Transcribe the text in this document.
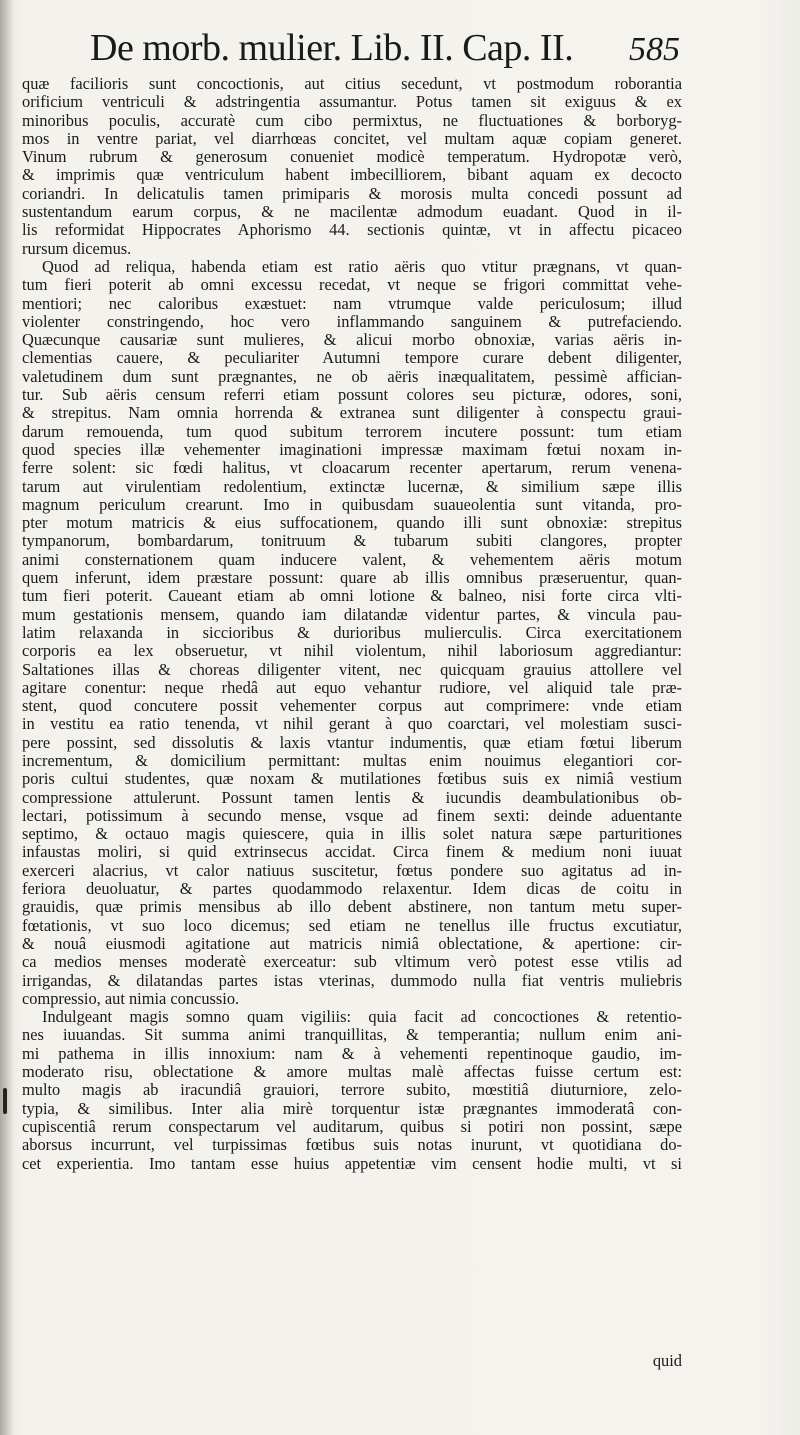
De morb. mulier. Lib. II. Cap. II. 585
quæ facilioris sunt concoctionis, aut citius secedunt, vt postmodum roborantia
orificium ventriculi & adstringentia assumantur. Potus tamen sit exiguus & ex
minoribus poculis, accuratè cum cibo permixtus, ne fluctuationes & borboryg-
mos in ventre pariat, vel diarrhœas concitet, vel multam aquæ copiam generet.
Vinum rubrum & generosum conueniet modicè temperatum. Hydropotæ verò,
& imprimis quæ ventriculum habent imbecilliorem, bibant aquam ex decocto
coriandri. In delicatulis tamen primiparis & morosis multa concedi possunt ad
sustentandum earum corpus, & ne macilentæ admodum euadant. Quod in il-
lis reformidat Hippocrates Aphorismo 44. sectionis quintæ, vt in affectu picaceo
rursum dicemus.
Quod ad reliqua, habenda etiam est ratio aëris quo vtitur prægnans, vt quan-
tum fieri poterit ab omni excessu recedat, vt neque se frigori committat vehe-
mentiori; nec caloribus exæstuet: nam vtrumque valde periculosum; illud
violenter constringendo, hoc vero inflammando sanguinem & putrefaciendo.
Quæcunque causariæ sunt mulieres, & alicui morbo obnoxiæ, varias aëris in-
clementias cauere, & peculiariter Autumni tempore curare debent diligenter,
valetudinem dum sunt prægnantes, ne ob aëris inæqualitatem, pessimè affician-
tur. Sub aëris censum referri etiam possunt colores seu picturæ, odores, soni,
& strepitus. Nam omnia horrenda & extranea sunt diligenter à conspectu graui-
darum remouenda, tum quod subitum terrorem incutere possunt: tum etiam
quod species illæ vehementer imaginationi impressæ maximam fœtui noxam in-
ferre solent: sic fœdi halitus, vt cloacarum recenter apertarum, rerum venena-
tarum aut virulentiam redolentium, extinctæ lucernæ, & similium sæpe illis
magnum periculum crearunt. Imo in quibusdam suaueolentia sunt vitanda, pro-
pter motum matricis & eius suffocationem, quando illi sunt obnoxiæ: strepitus
tympanorum, bombardarum, tonitruum & tubarum subiti clangores, propter
animi consternationem quam inducere valent, & vehementem aëris motum
quem inferunt, idem præstare possunt: quare ab illis omnibus præseruentur, quan-
tum fieri poterit. Caueant etiam ab omni lotione & balneo, nisi forte circa vlti-
mum gestationis mensem, quando iam dilatandæ videntur partes, & vincula pau-
latim relaxanda in siccioribus & durioribus mulierculis. Circa exercitationem
corporis ea lex obseruetur, vt nihil violentum, nihil laboriosum aggrediantur:
Saltationes illas & choreas diligenter vitent, nec quicquam grauius attollere vel
agitare conentur: neque rhedâ aut equo vehantur rudiore, vel aliquid tale præ-
stent, quod concutere possit vehementer corpus aut comprimere: vnde etiam
in vestitu ea ratio tenenda, vt nihil gerant à quo coarctari, vel molestiam susci-
pere possint, sed dissolutis & laxis vtantur indumentis, quæ etiam fœtui liberum
incrementum, & domicilium permittant: multas enim nouimus elegantiori cor-
poris cultui studentes, quæ noxam & mutilationes fœtibus suis ex nimiâ vestium
compressione attulerunt. Possunt tamen lentis & iucundis deambulationibus ob-
lectari, potissimum à secundo mense, vsque ad finem sexti: deinde aduentante
septimo, & octauo magis quiescere, quia in illis solet natura sæpe parturitiones
infaustas moliri, si quid extrinsecus accidat. Circa finem & medium noni iuuat
exerceri alacrius, vt calor natiuus suscitetur, fœtus pondere suo agitatus ad in-
feriora deuoluatur, & partes quodammodo relaxentur. Idem dicas de coitu in
grauidis, quæ primis mensibus ab illo debent abstinere, non tantum metu super-
fœtationis, vt suo loco dicemus; sed etiam ne tenellus ille fructus excutiatur,
& nouâ eiusmodi agitatione aut matricis nimiâ oblectatione, & apertione: cir-
ca medios menses moderatè exerceatur: sub vltimum verò potest esse vtilis ad
irrigandas, & dilatandas partes istas vterinas, dummodo nulla fiat ventris muliebris
compressio, aut nimia concussio.
Indulgeant magis somno quam vigiliis: quia facit ad concoctiones & retentio-
nes iuuandas. Sit summa animi tranquillitas, & temperantia; nullum enim ani-
mi pathema in illis innoxium: nam & à vehementi repentinoque gaudio, im-
moderato risu, oblectatione & amore multas malè affectas fuisse certum est:
multo magis ab iracundiâ grauiori, terrore subito, mœstitiâ diuturniore, zelo-
typia, & similibus. Inter alia mirè torquentur istæ prægnantes immoderatâ con-
cupiscentiâ rerum conspectarum vel auditarum, quibus si potiri non possint, sæpe
aborsus incurrunt, vel turpissimas fœtibus suis notas inurunt, vt quotidiana do-
cet experientia. Imo tantam esse huius appetentiæ vim censent hodie multi, vt si
quid
